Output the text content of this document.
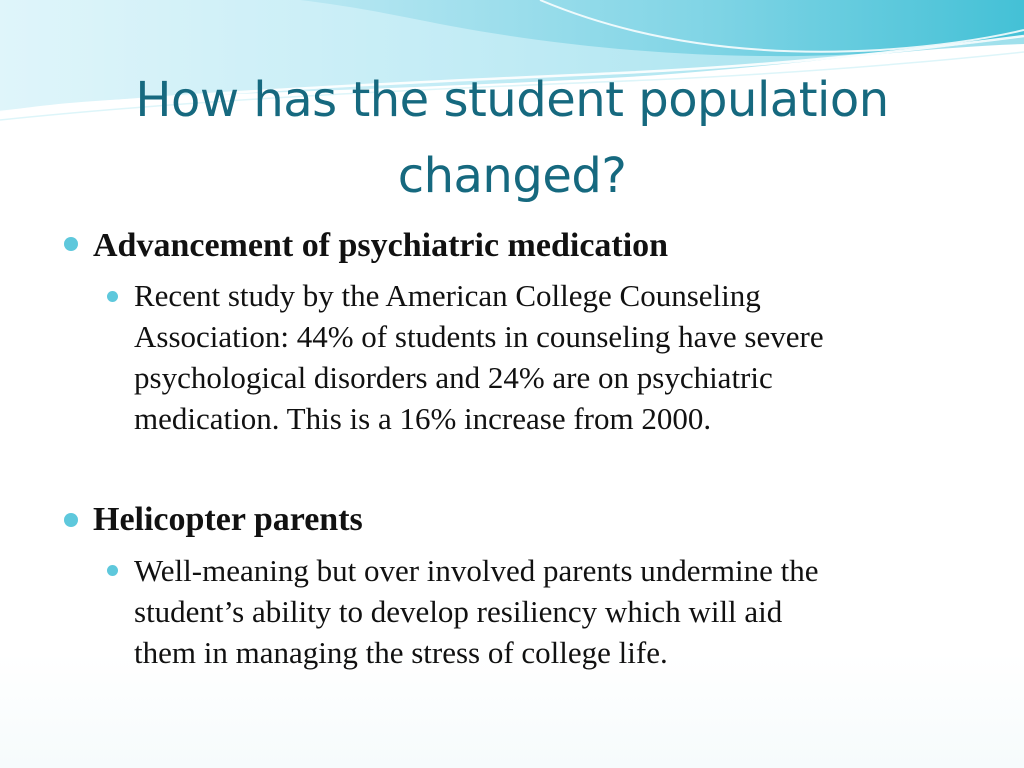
How has the student population
changed?

Advancement of psychiatric medication

Recent study by the American College Counseling

Association: 44% of students in counseling have severe

psychological disorders and 24% are on psychiatric

medication. This is a 16% increase from 2000.

Helicopter parents

Well-meaning but over involved parents undermine the

student’s ability to develop resiliency which will aid

them in managing the stress of college life.
